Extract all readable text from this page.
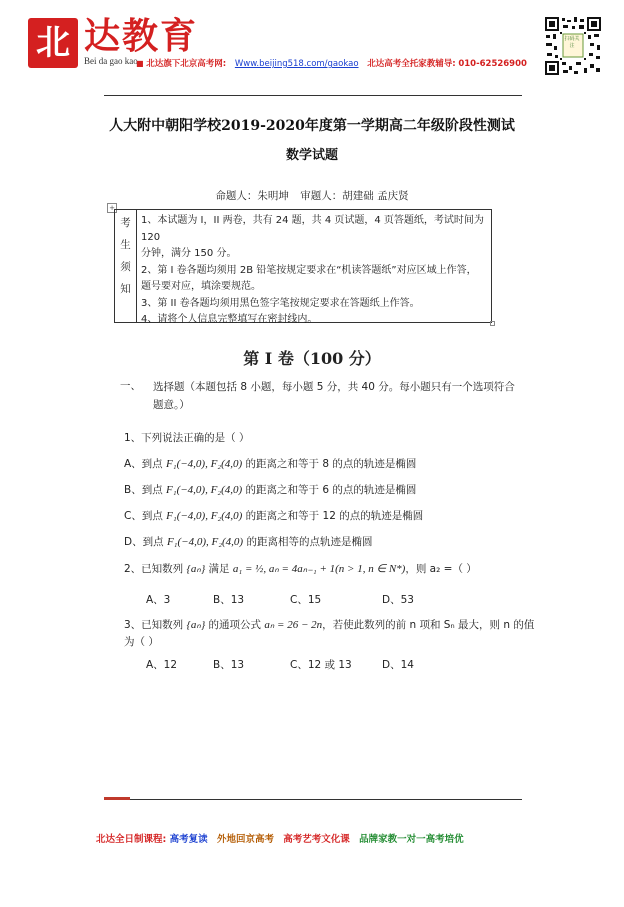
北 达教育
Bei da gao kao
■ 北达旗下北京高考网: Www.beijing518.com/gaokao 北达高考全托家教辅导: 010-62526900
扫码关注
人大附中朝阳学校2019-2020年度第一学期高二年级阶段性测试
数学试题
命题人：朱明坤 审题人：胡建础 孟庆贤
+
考
生
须
知
1、本试题为 I，II 两卷，共有 24 题，共 4 页试题，4 页答题纸，考试时间为 120
分钟，满分 150 分。
2、第 I 卷各题均须用 2B 铅笔按规定要求在“机读答题纸”对应区域上作答，
题号要对应，填涂要规范。
3、第 II 卷各题均须用黑色签字笔按规定要求在答题纸上作答。
4、请将个人信息完整填写在密封线内。
第 I 卷（100 分）
一、 选择题（本题包括 8 小题，每小题 5 分，共 40 分。每小题只有一个选项符合
题意。）
1、下列说法正确的是（ ）
A、到点 F₁(−4,0), F₂(4,0) 的距离之和等于 8 的点的轨迹是椭圆
B、到点 F₁(−4,0), F₂(4,0) 的距离之和等于 6 的点的轨迹是椭圆
C、到点 F₁(−4,0), F₂(4,0) 的距离之和等于 12 的点的轨迹是椭圆
D、到点 F₁(−4,0), F₂(4,0) 的距离相等的点轨迹是椭圆
2、已知数列 {aₙ} 满足 a₁ = ½, aₙ = 4aₙ₋₁ + 1(n > 1, n ∈ N*)，则 a₂ =（ ）
A、3	B、13	C、15	D、53
3、已知数列 {aₙ} 的通项公式 aₙ = 26 − 2n，若使此数列的前 n 项和 Sₙ 最大，则 n 的值
为（ ）
A、12	B、13	C、12 或 13	D、14
北达全日制课程: 高考复读 外地回京高考 高考艺考文化课 品牌家教一对一高考培优
